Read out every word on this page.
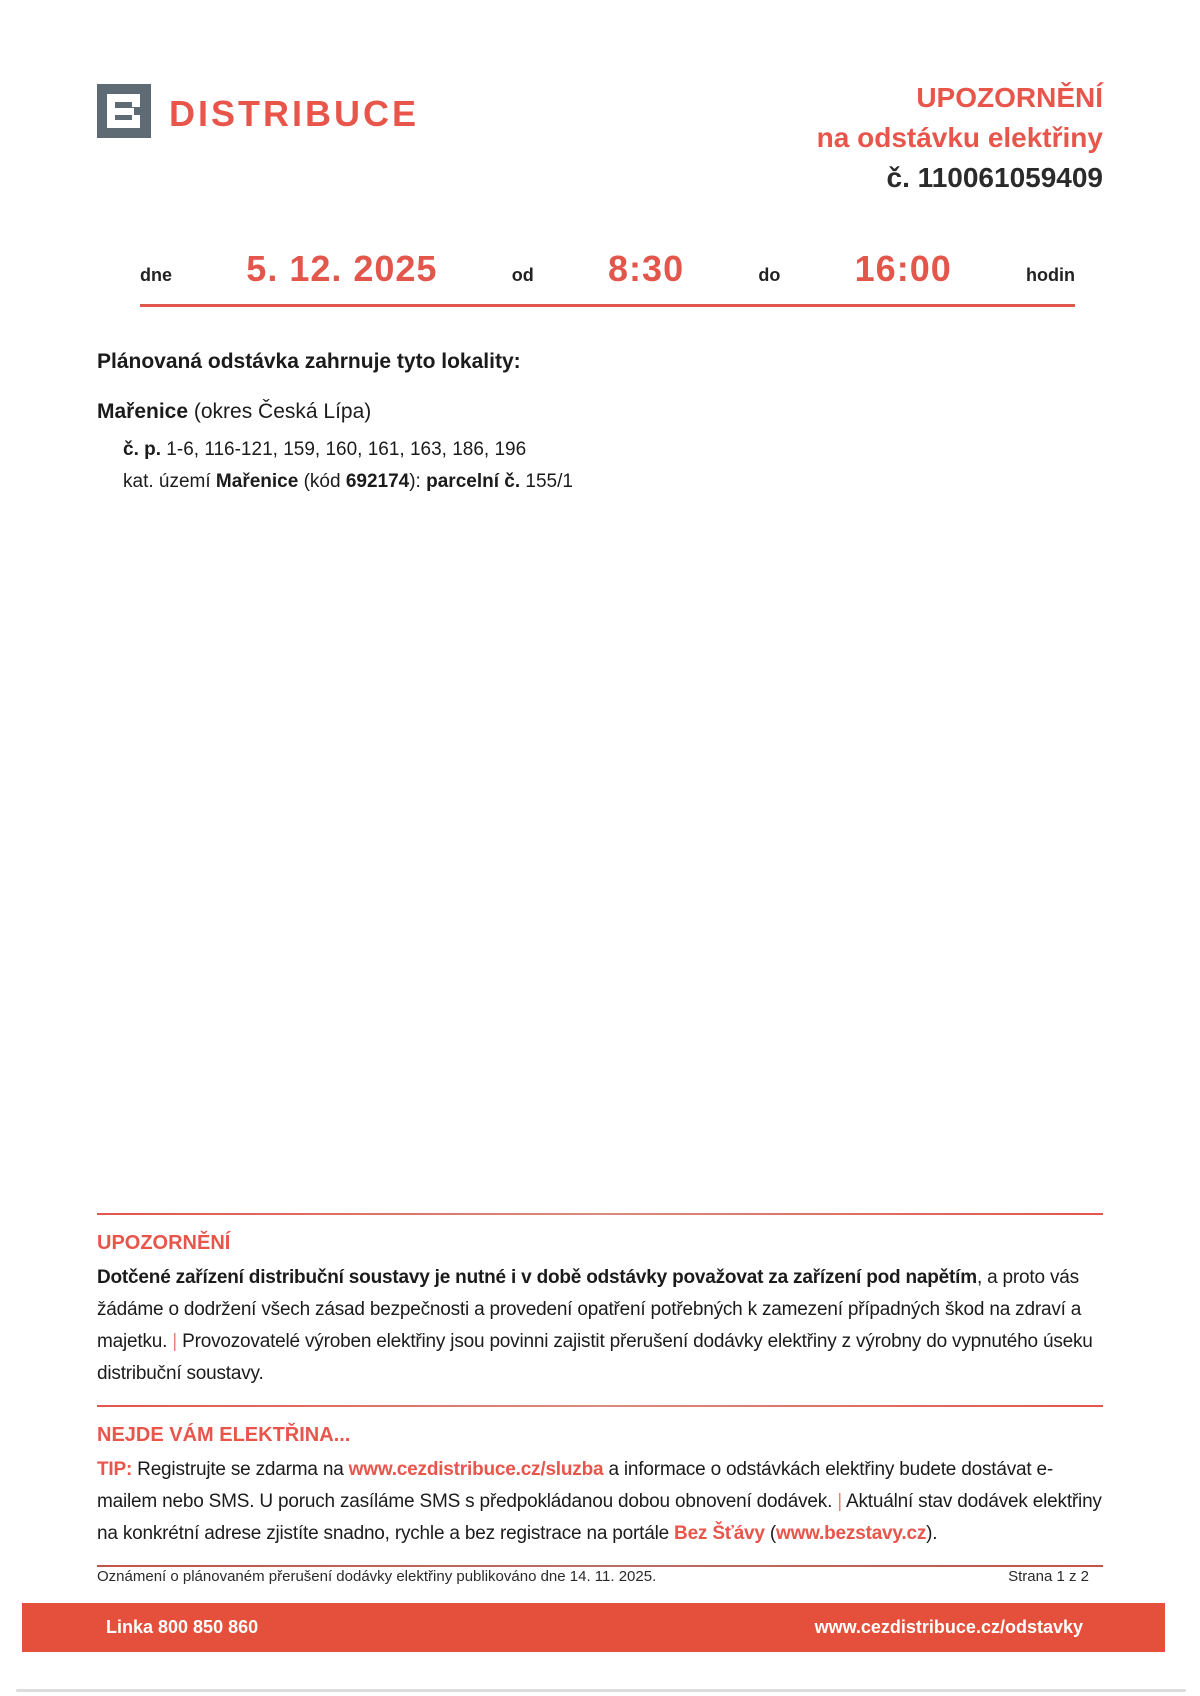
DISTRIBUCE	UPOZORNĚNÍ
na odstávku elektřiny
č. 110061059409
dne 5. 12. 2025	od 8:30	do 16:00	hodin
Plánovaná odstávka zahrnuje tyto lokality:
Mařenice (okres Česká Lípa)
č. p. 1-6, 116-121, 159, 160, 161, 163, 186, 196
kat. území Mařenice (kód 692174): parcelní č. 155/1
UPOZORNĚNÍ

Dotčené zařízení distribuční soustavy je nutné i v době odstávky považovat za zařízení pod napětím, a proto vás žádáme o dodržení všech zásad bezpečnosti a provedení opatření potřebných k zamezení případných škod na zdraví a majetku. | Provozovatelé výroben elektřiny jsou povinni zajistit přerušení dodávky elektřiny z výrobny do vypnutého úseku distribuční soustavy.

NEJDE VÁM ELEKTŘINA...

TIP: Registrujte se zdarma na www.cezdistribuce.cz/sluzba a informace o odstávkách elektřiny budete dostávat e-mailem nebo SMS. U poruch zasíláme SMS s předpokládanou dobou obnovení dodávek. | Aktuální stav dodávek elektřiny na konkrétní adrese zjistíte snadno, rychle a bez registrace na portále Bez Šťávy (www.bezstavy.cz).

Oznámení o plánovaném přerušení dodávky elektřiny publikováno dne 14. 11. 2025.	Strana 1 z 2
Linka 800 850 860	www.cezdistribuce.cz/odstavky
